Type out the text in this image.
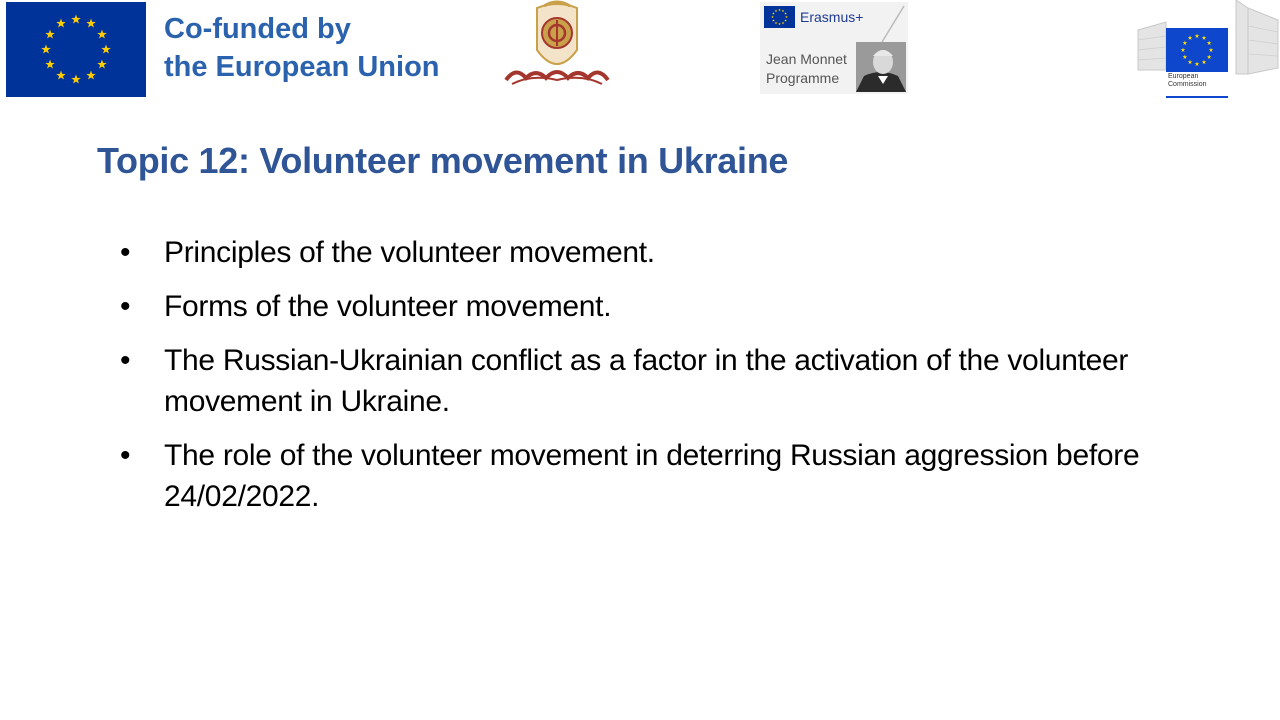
Co-funded by
the European Union
Erasmus+
Jean Monnet
Programme	European
Commission
Topic 12: Volunteer movement in Ukraine
• Principles of the volunteer movement.
• Forms of the volunteer movement.
• The Russian-Ukrainian conflict as a factor in the activation of the volunteer movement in Ukraine.
• The role of the volunteer movement in deterring Russian aggression before 24/02/2022.
